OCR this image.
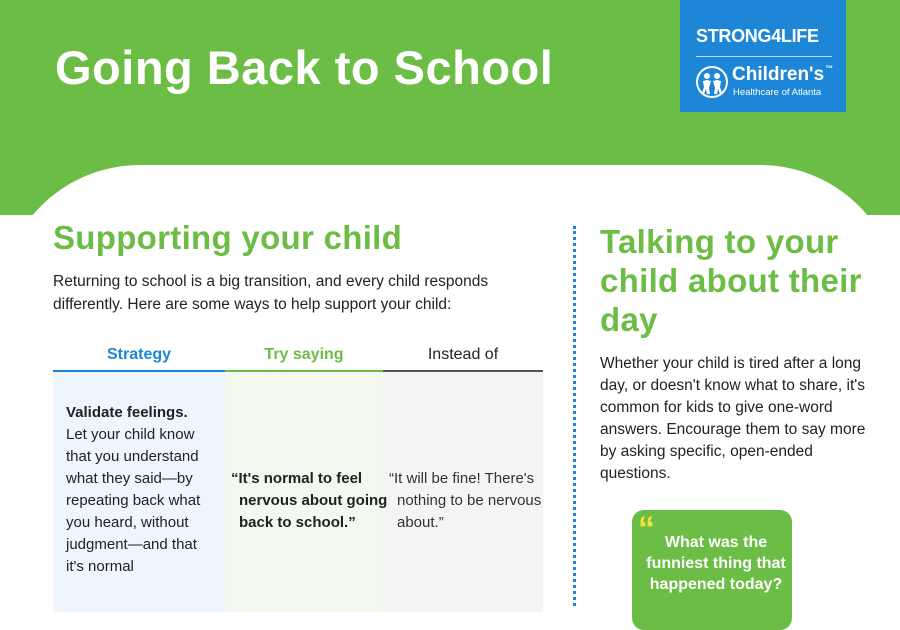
Going Back to School
STRONG4LIFE
Children's™
Healthcare of Atlanta
Supporting your child

Returning to school is a big transition, and every child responds differently. Here are some ways to help support your child:

Strategy	Try saying	Instead of
Validate feelings.
Let your child know that you understand what they said—by repeating back what you heard, without judgment—and that it's normal
“It's normal to feel nervous about going back to school.”
“It will be fine! There's nothing to be nervous about.”
Talking to your child about their day

Whether your child is tired after a long day, or doesn't know what to share, it's common for kids to give one-word answers. Encourage them to say more by asking specific, open-ended questions.

“ What was the funniest thing that happened today?
